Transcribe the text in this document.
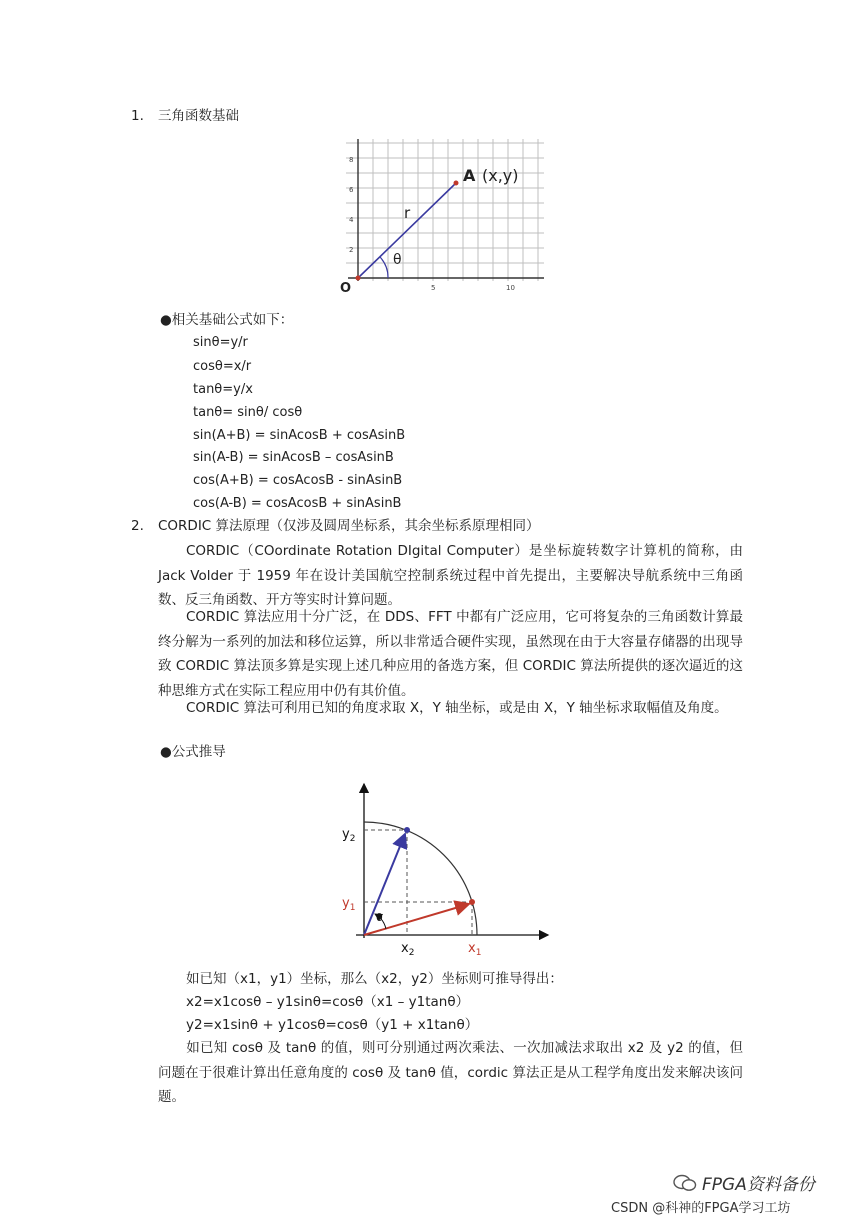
1. 三角函数基础
A (x,y)
r
θ
O
2
4
6
8
5	10
●相关基础公式如下：
sinθ=y/r
cosθ=x/r
tanθ=y/x
tanθ= sinθ/ cosθ
sin(A+B) = sinAcosB + cosAsinB
sin(A-B) = sinAcosB – cosAsinB
cos(A+B) = cosAcosB - sinAsinB
cos(A-B) = cosAcosB + sinAsinB
2. CORDIC 算法原理（仅涉及圆周坐标系，其余坐标系原理相同）
CORDIC（COordinate Rotation DIgital Computer）是坐标旋转数字计算机的简称，由 Jack Volder 于 1959 年在设计美国航空控制系统过程中首先提出，主要解决导航系统中三角函数、反三角函数、开方等实时计算问题。
CORDIC 算法应用十分广泛，在 DDS、FFT 中都有广泛应用，它可将复杂的三角函数计算最终分解为一系列的加法和移位运算，所以非常适合硬件实现，虽然现在由于大容量存储器的出现导致 CORDIC 算法顶多算是实现上述几种应用的备选方案，但 CORDIC 算法所提供的逐次逼近的这种思维方式在实际工程应用中仍有其价值。
CORDIC 算法可利用已知的角度求取 X，Y 轴坐标，或是由 X，Y 轴坐标求取幅值及角度。
●公式推导
θ
$y_2$
$y_1$
$x_2$	$x_1$
如已知（x1，y1）坐标，那么（x2，y2）坐标则可推导得出：
x2=x1cosθ – y1sinθ=cosθ（x1 – y1tanθ）
y2=x1sinθ + y1cosθ=cosθ（y1 + x1tanθ）
如已知 cosθ 及 tanθ 的值，则可分别通过两次乘法、一次加减法求取出 x2 及 y2 的值，但问题在于很难计算出任意角度的 cosθ 及 tanθ 值，cordic 算法正是从工程学角度出发来解决该问题。
FPGA资料备份
CSDN @科神的FPGA学习工坊
